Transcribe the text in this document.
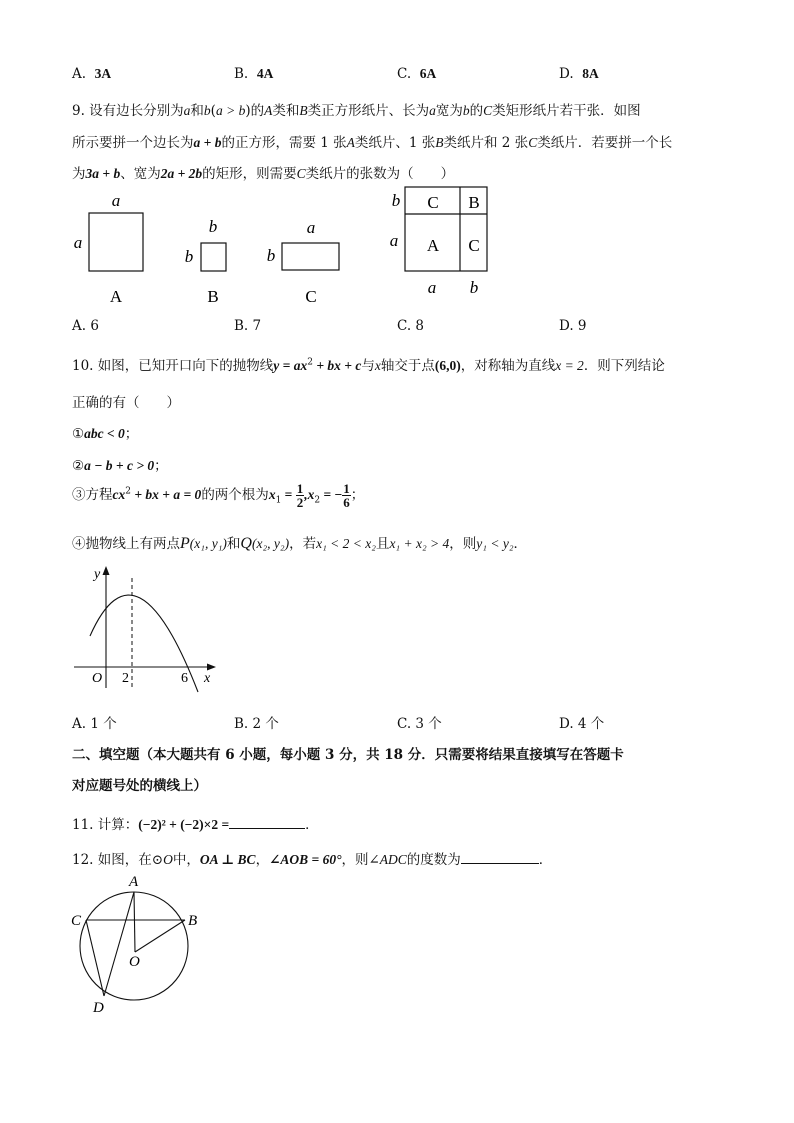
A. 3A	B. 4A	C. 6A	D. 8A
9. 设有边长分别为a和b(a > b)的A类和B类正方形纸片、长为a宽为b的C类矩形纸片若干张．如图
所示要拼一个边长为a + b的正方形，需要 1 张A类纸片、1 张B类纸片和 2 张C类纸片．若要拼一个长
为3a + b、宽为2a + 2b的矩形，则需要C类纸片的张数为（　　）
a
a
A
b
b
B
a
b
C
C B
A C
b
a
a b
A. 6	B. 7	C. 8	D. 9
10. 如图，已知开口向下的抛物线$y = ax^2$ + bx + c与x轴交于点(6,0)，对称轴为直线x = 2．则下列结论
正确的有（　　）
①abc < 0；
②a − b + c > 0；
③方程$cx^2$ + bx + a = 0的两个根为$x_1 = \frac{1}{2} ,x_2$ = − $\frac{1}{6}$ ；
④抛物线上有两点P(x₁, y₁)和Q(x₂, y₂)，若x₁ < 2 < x₂且x₁ + x₂ > 4，则y₁ < y₂．
y
x
O 2	6
A. 1 个	B. 2 个	C. 3 个	D. 4 个
二、填空题（本大题共有 6 小题，每小题 3 分，共 18 分．只需要将结果直接填写在答题卡
对应题号处的横线上）
11. 计算：(−2)² + (−2)×2 =	．
12. 如图，在⊙O中，OA ⊥ BC，∠AOB = 60°，则∠ADC的度数为	．
A
B
C
D
O
